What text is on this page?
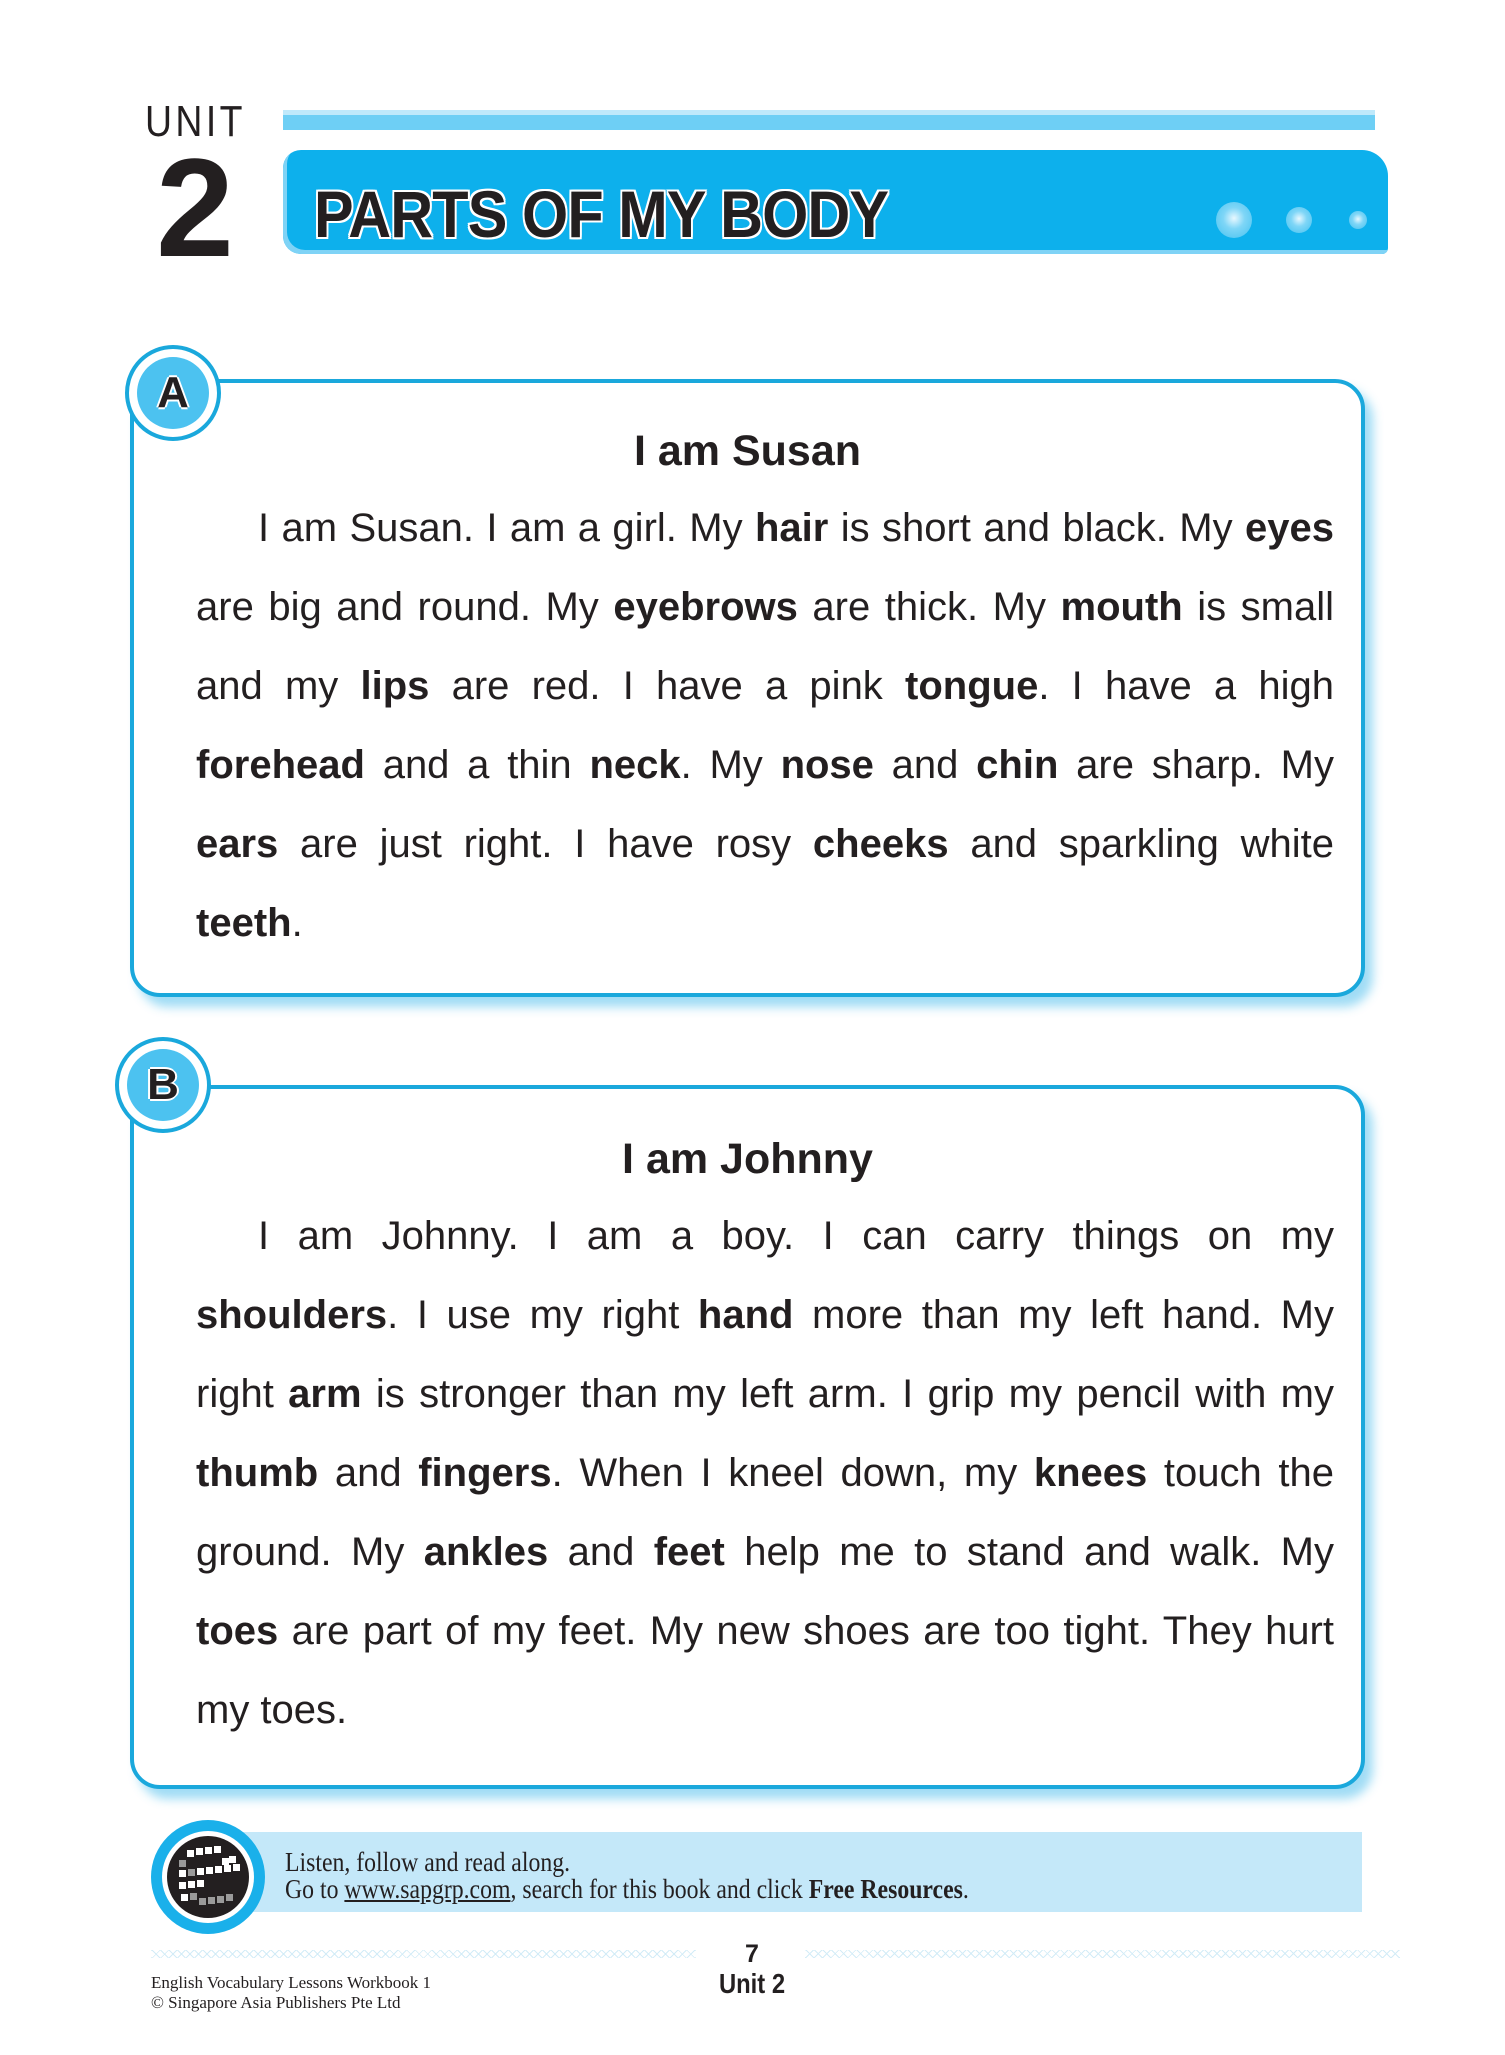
UNIT
2 PARTS OF MY BODY
I am Susan
I am Susan. I am a girl. My hair is short and black. My eyes are big and round. My eyebrows are thick. My mouth is small and my lips are red. I have a pink tongue. I have a high forehead and a thin neck. My nose and chin are sharp. My ears are just right. I have rosy cheeks and sparkling white teeth.
A
I am Johnny
I am Johnny. I am a boy. I can carry things on my shoulders. I use my right hand more than my left hand. My right arm is stronger than my left arm. I grip my pencil with my thumb and fingers. When I kneel down, my knees touch the ground. My ankles and feet help me to stand and walk. My toes are part of my feet. My new shoes are too tight. They hurt my toes.
B
Listen, follow and read along.
Go to www.sapgrp.com, search for this book and click Free Resources.
7
Unit 2
English Vocabulary Lessons Workbook 1
© Singapore Asia Publishers Pte Ltd
